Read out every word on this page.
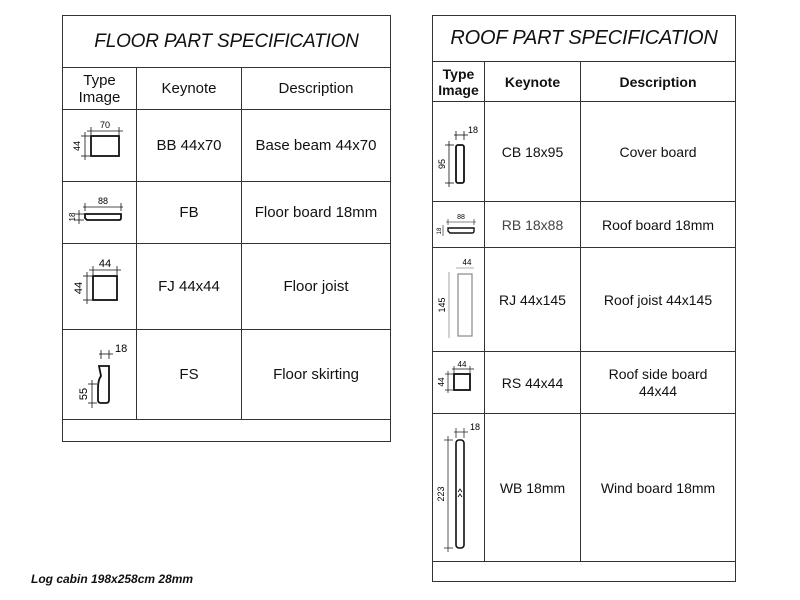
FLOOR PART SPECIFICATION		
Type
Image	Keynote	Description

70
44	BB 44x70	Base beam 44x70

88
18	FB	Floor board 18mm

44
44	FJ 44x44	Floor joist

18
55	FS	Floor skirting

ROOF PART SPECIFICATION		
Type
Image	Keynote	Description

18
95	CB 18x95	Cover board

88
18	RB 18x88	Roof board 18mm

44
145	RJ 44x145	Roof joist 44x145

44
44	RS 44x44	Roof side board
44x44

18
223	WB 18mm	Wind board 18mm

Log cabin 198x258cm 28mm
